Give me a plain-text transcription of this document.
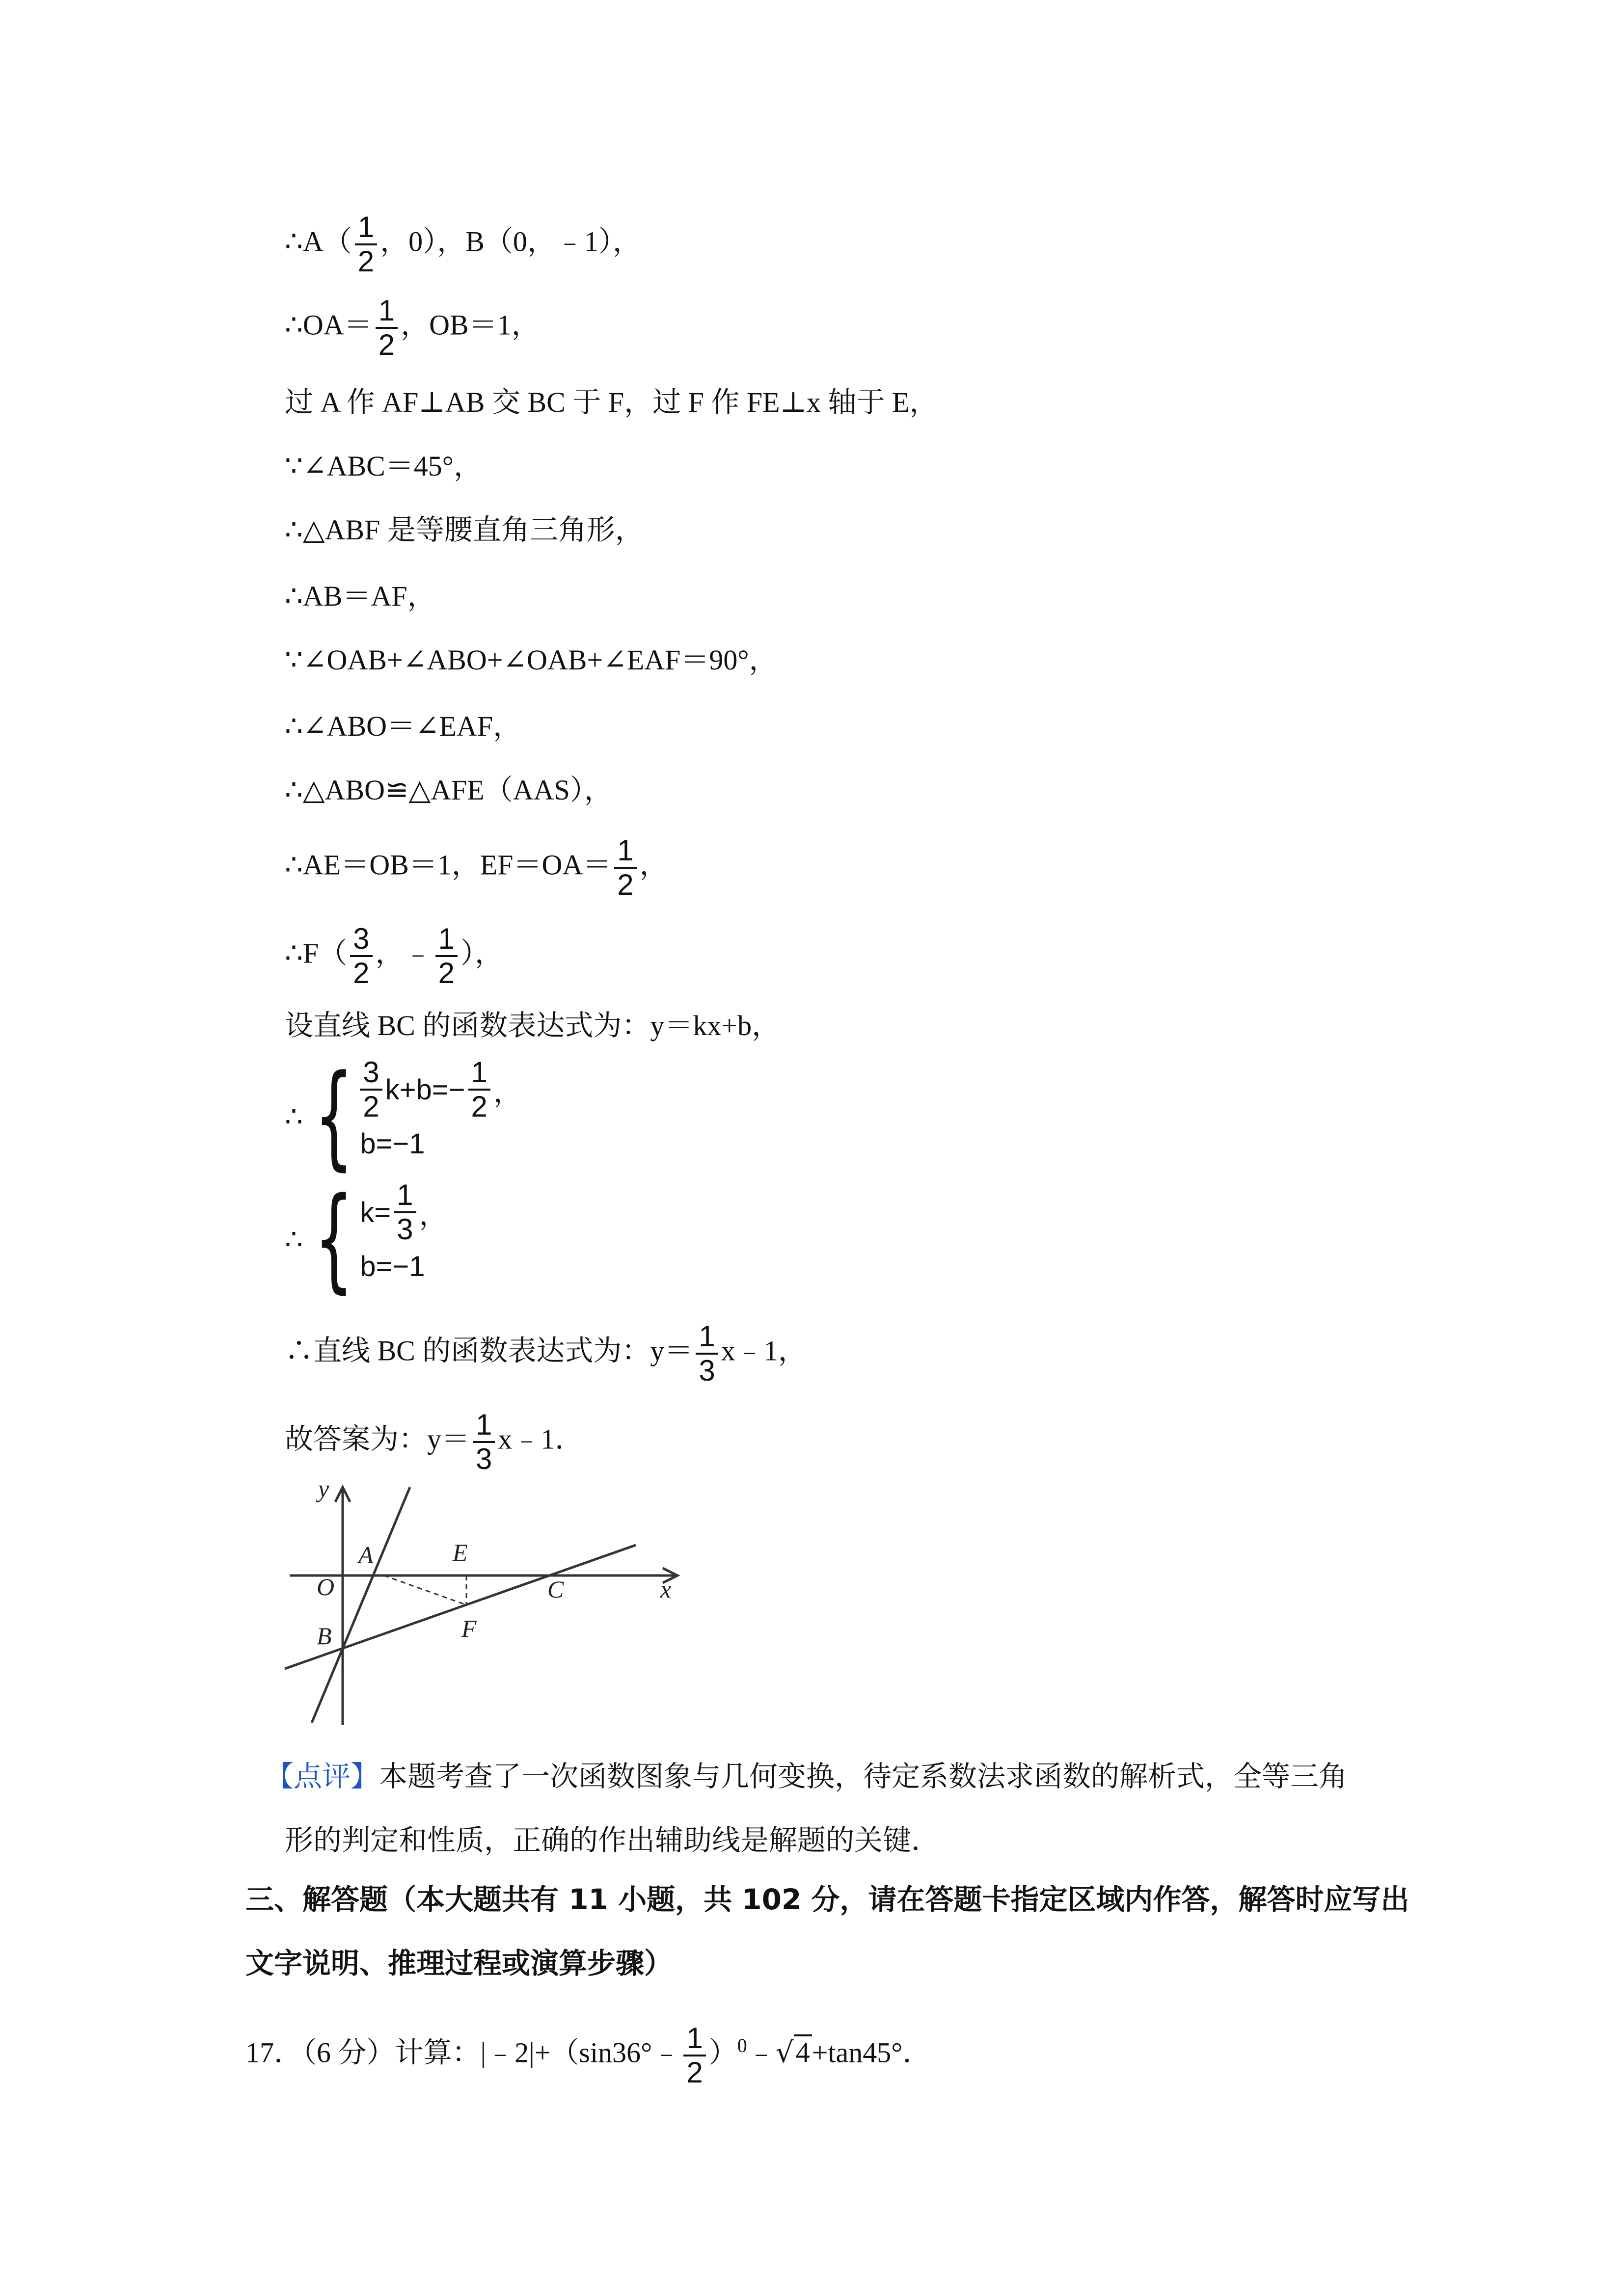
∴A（ $\frac{1}{2}$ ，0），B（0，﹣1），
∴OA＝ $\frac{1}{2}$ ，OB＝1，
过 A 作 AF⊥AB 交 BC 于 F，过 F 作 FE⊥x 轴于 E，
∵∠ABC＝45°，
∴△ABF 是等腰直角三角形，
∴AB＝AF，
∵∠OAB+∠ABO+∠OAB+∠EAF＝90°，
∴∠ABO＝∠EAF，
∴△ABO≌△AFE（AAS），
∴AE＝OB＝1，$EF=OA= \frac{1}{2}$ ，
∴F（ $\frac{3}{2}$ ，﹣ $\frac{1}{2}$ ），
设直线 BC 的函数表达式为：y＝kx+b，
∴ { $\frac{3}{2} k+b=- \frac{1}{2}$ ，
b=−1
∴ { $k= \frac{1}{3}$ ，
b=−1
∴直线 BC 的函数表达式为：$y= \frac{1}{3}$ x﹣1，
故答案为：$y= \frac{1}{3}$ x﹣1．
y
x
A	E
O	C
B	F
【点评】本题考查了一次函数图象与几何变换，待定系数法求函数的解析式，全等三角
形的判定和性质，正确的作出辅助线是解题的关键．
三、解答题（本大题共有 11 小题，共 102 分，请在答题卡指定区域内作答，解答时应写出
文字说明、推理过程或演算步骤）
17．（6 分）计算：|﹣2|+（sin36°﹣ $\frac{1}{2}$ ）$^0$﹣√4+tan45°．
